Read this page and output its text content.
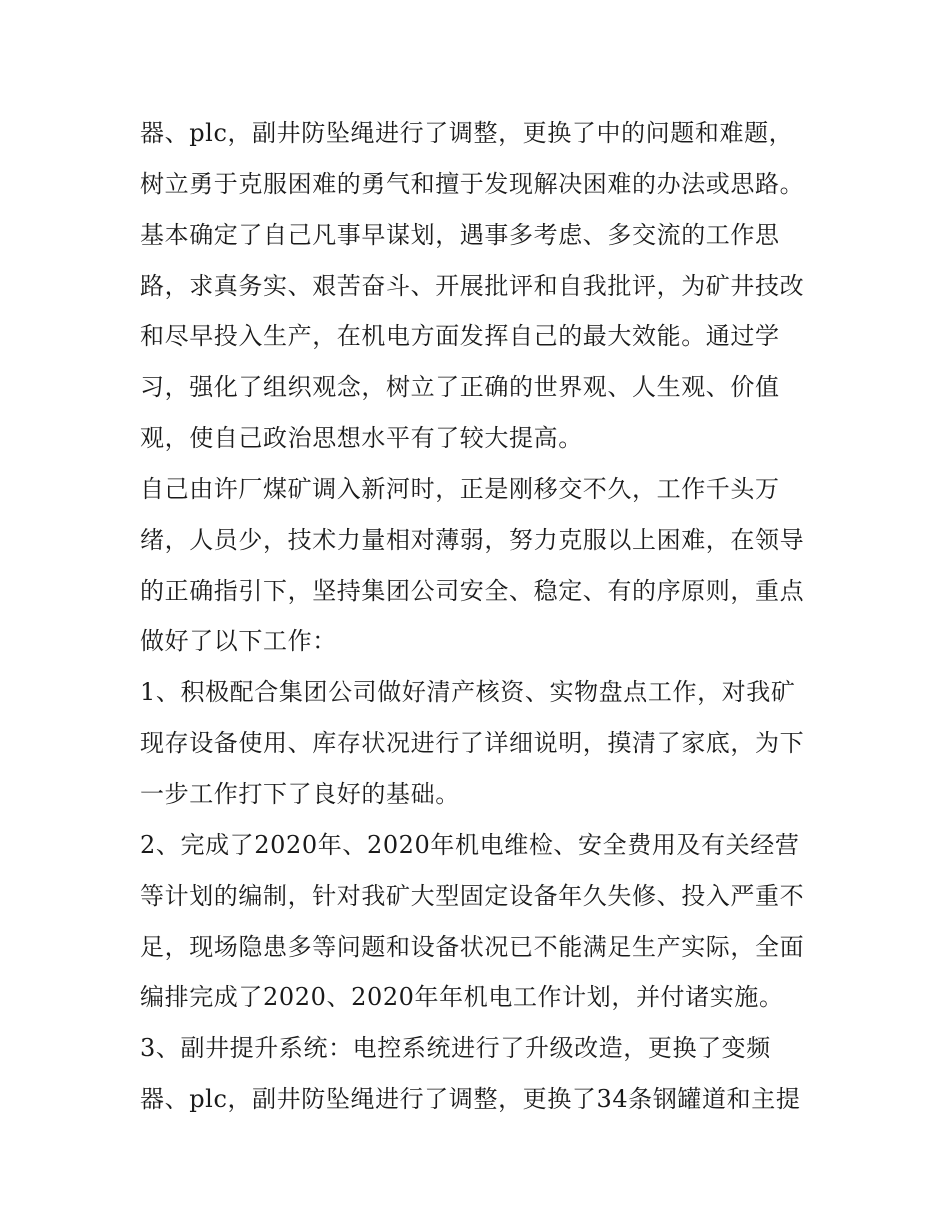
器、plc，副井防坠绳进行了调整，更换了中的问题和难题，
树立勇于克服困难的勇气和擅于发现解决困难的办法或思路。
基本确定了自己凡事早谋划，遇事多考虑、多交流的工作思
路，求真务实、艰苦奋斗、开展批评和自我批评，为矿井技改
和尽早投入生产，在机电方面发挥自己的最大效能。通过学
习，强化了组织观念，树立了正确的世界观、人生观、价值
观，使自己政治思想水平有了较大提高。
自己由许厂煤矿调入新河时，正是刚移交不久，工作千头万
绪，人员少，技术力量相对薄弱，努力克服以上困难，在领导
的正确指引下，坚持集团公司安全、稳定、有的序原则，重点
做好了以下工作：
1、积极配合集团公司做好清产核资、实物盘点工作，对我矿
现存设备使用、库存状况进行了详细说明，摸清了家底，为下
一步工作打下了良好的基础。
2、完成了2020年、2020年机电维检、安全费用及有关经营
等计划的编制，针对我矿大型固定设备年久失修、投入严重不
足，现场隐患多等问题和设备状况已不能满足生产实际，全面
编排完成了2020、2020年年机电工作计划，并付诸实施。
3、副井提升系统：电控系统进行了升级改造，更换了变频
器、plc，副井防坠绳进行了调整，更换了34条钢罐道和主提
